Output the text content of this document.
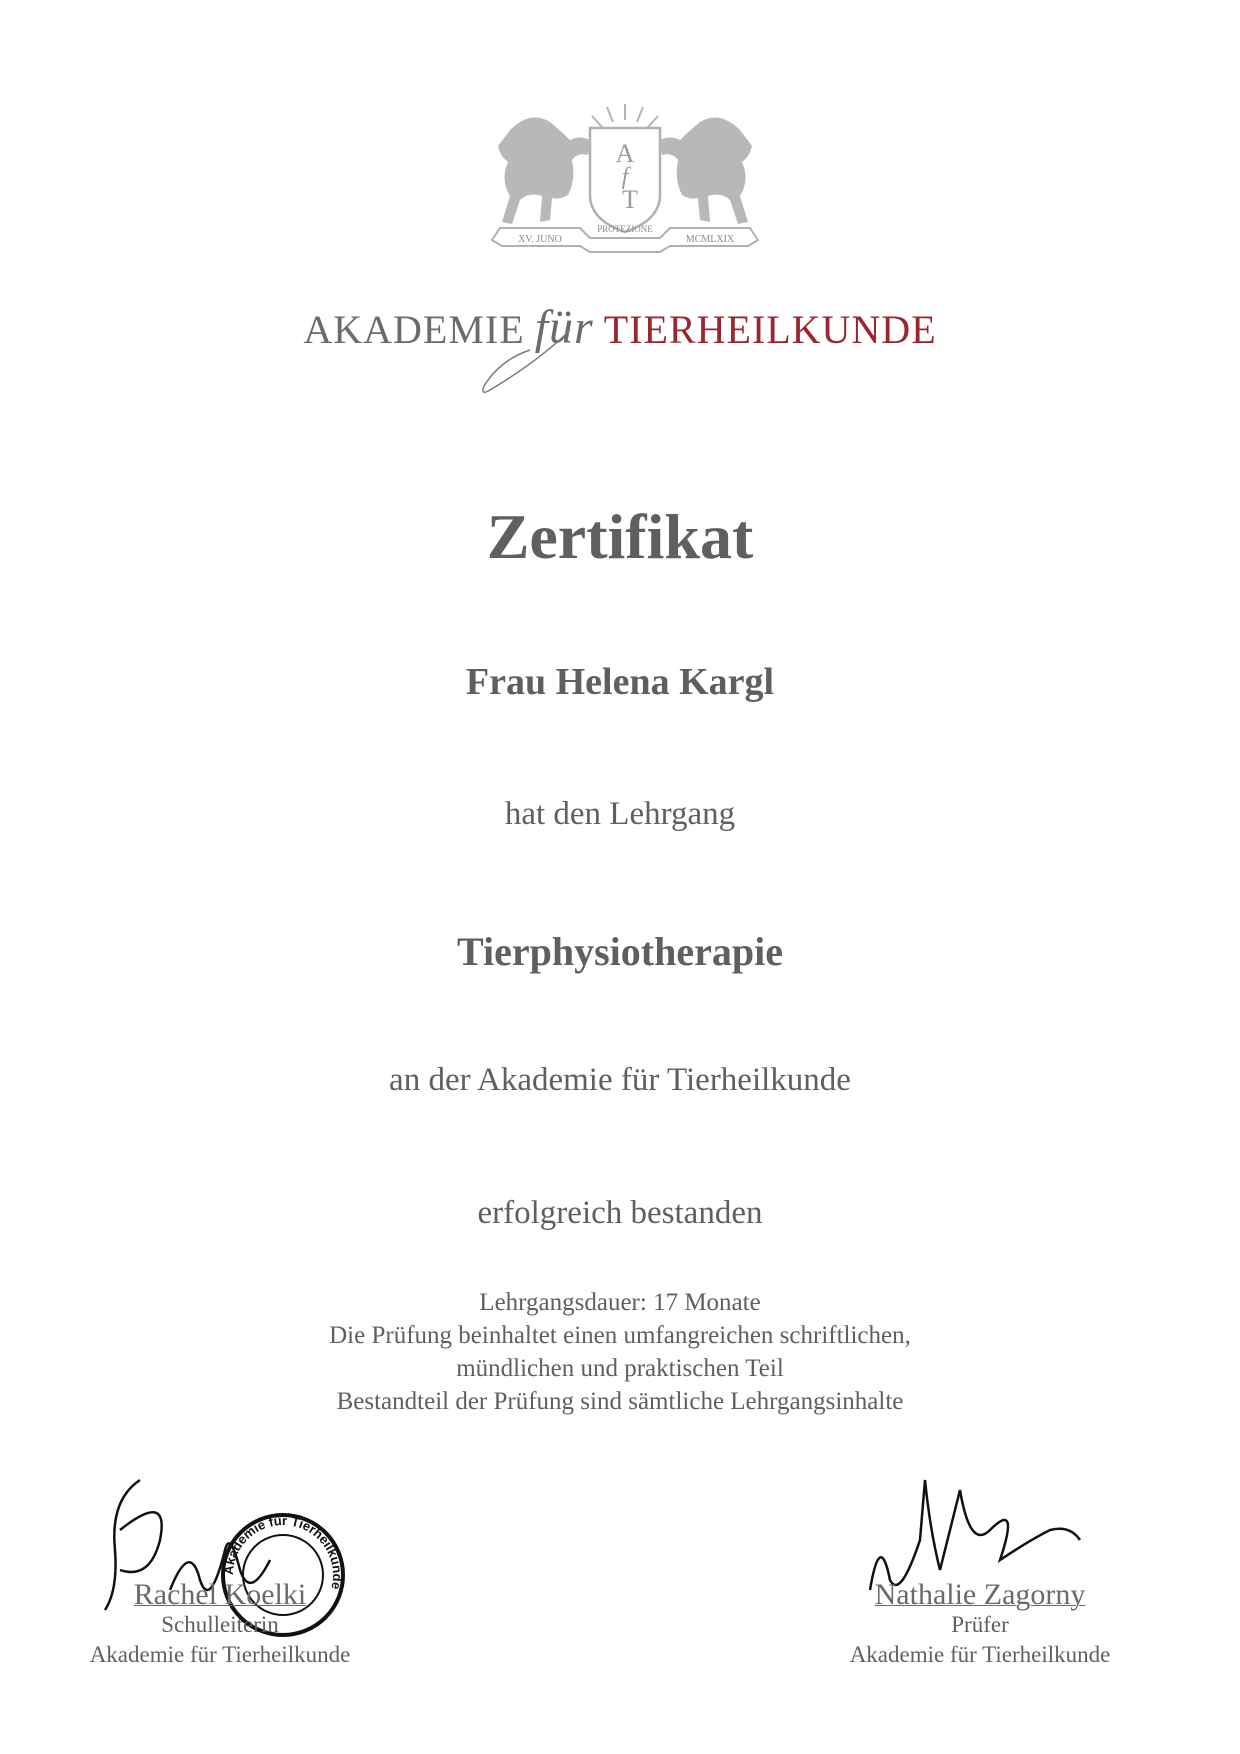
A
f
T
XV. JUNO
PROTEZIONE
MCMLXIX
AKADEMIE für TIERHEILKUNDE
Zertifikat
Frau Helena Kargl
hat den Lehrgang
Tierphysiotherapie
an der Akademie für Tierheilkunde
erfolgreich bestanden
Lehrgangsdauer: 17 Monate
Die Prüfung beinhaltet einen umfangreichen schriftlichen,
mündlichen und praktischen Teil
Bestandteil der Prüfung sind sämtliche Lehrgangsinhalte
Akademie für Tierheilkunde
Rachel Koelki
Schulleiterin
Akademie für Tierheilkunde
Nathalie Zagorny
Prüfer
Akademie für Tierheilkunde
